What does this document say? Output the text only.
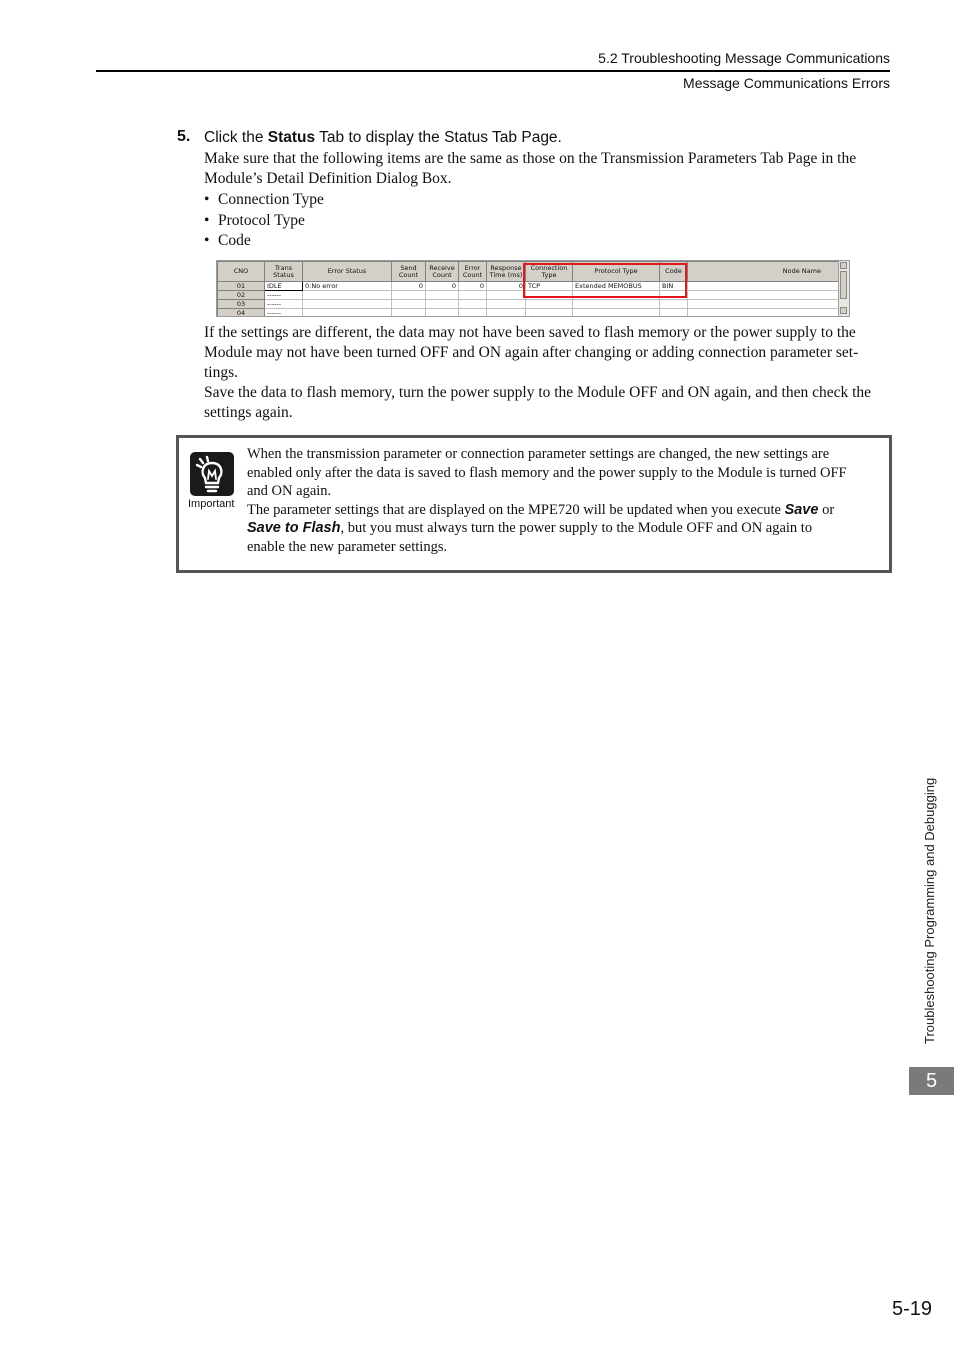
5.2 Troubleshooting Message Communications
Message Communications Errors
5. Click the Status Tab to display the Status Tab Page.
Make sure that the following items are the same as those on the Transmission Parameters Tab Page in the
Module’s Detail Definition Dialog Box.
• Connection Type
• Protocol Type
• Code
CNO	Trans Status	Error Status	Send Count	Receive Count	Error Count	Response Time (ms)	Connection Type	Protocol Type	Code	Node Name
01	IDLE	0:No error	0	0	0	0	TCP	Extended MEMOBUS	BIN	
02	------									
03	------									
04	------									
If the settings are different, the data may not have been saved to flash memory or the power supply to the
Module may not have been turned OFF and ON again after changing or adding connection parameter set-
tings.
Save the data to flash memory, turn the power supply to the Module OFF and ON again, and then check the
settings again.
Important
When the transmission parameter or connection parameter settings are changed, the new settings are
enabled only after the data is saved to flash memory and the power supply to the Module is turned OFF
and ON again.
The parameter settings that are displayed on the MPE720 will be updated when you execute Save or
Save to Flash, but you must always turn the power supply to the Module OFF and ON again to
enable the new parameter settings.
Troubleshooting Programming and Debugging
5
5-19
